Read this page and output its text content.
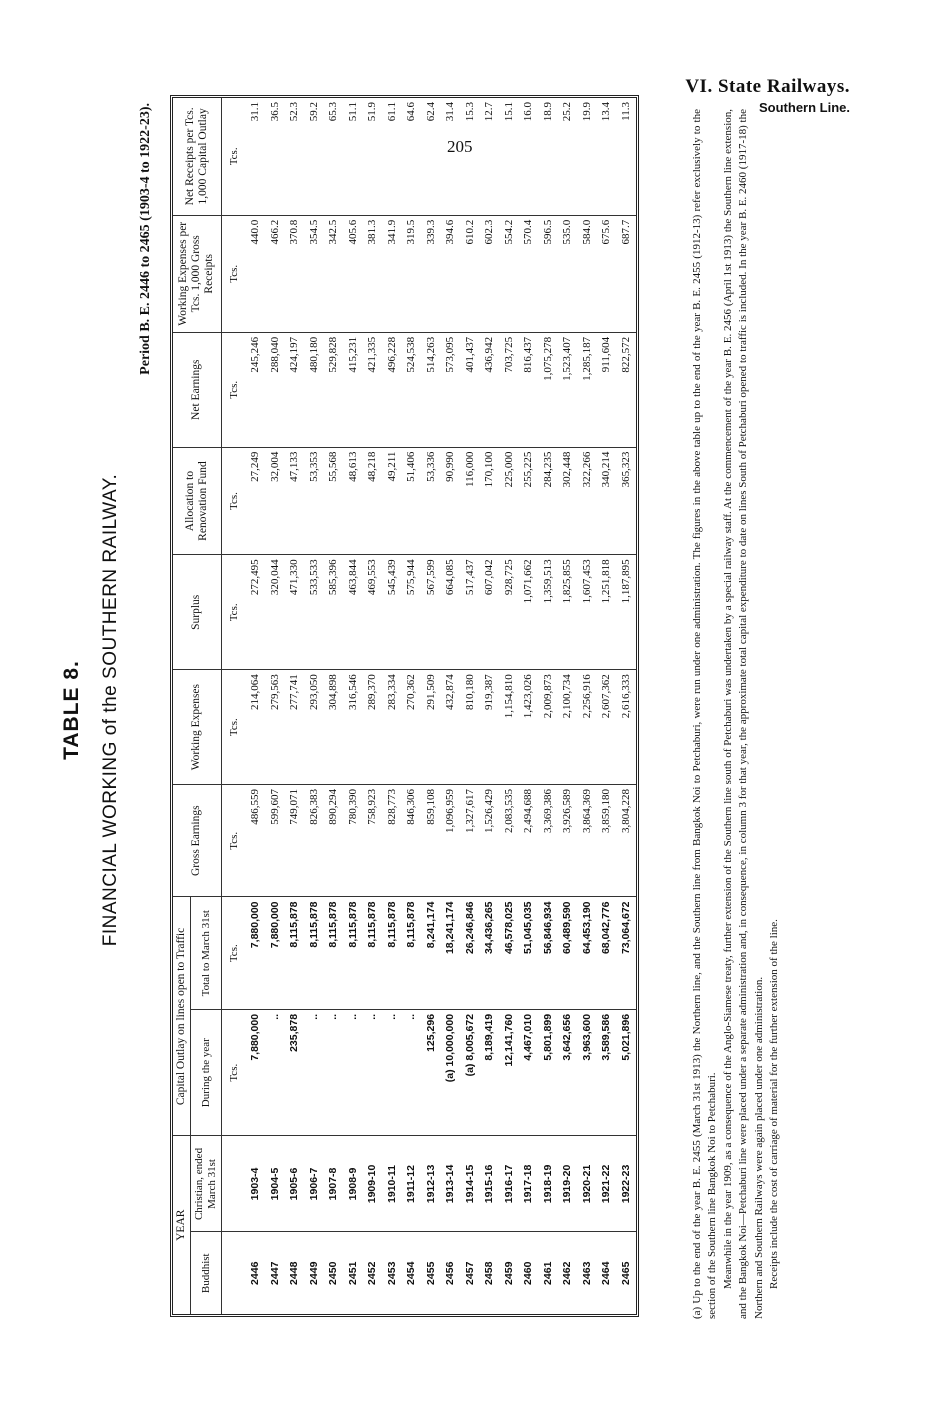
VI. State Railways.
Southern Line.
205
TABLE 8. FINANCIAL WORKING of the SOUTHERN RAILWAY.
Period B. E. 2446 to 2465 (1903-4 to 1922-23).
YEAR		Capital Outlay on lines open to Traffic		Gross Earnings	Working Expenses	Surplus	Allocation to Renovation Fund	Net Earnings	Working Expenses per Tcs. 1,000 Gross Receipts	Net Receipts per Tcs. 1,000 Capital Outlay
Buddhist	Christian, ended March 31st	During the year	Total to March 31st							
		Tcs.	Tcs.	Tcs.	Tcs.	Tcs.	Tcs.	Tcs.	Tcs.	Tcs.
2446	1903-4	7,880,000	7,880,000	486,559	214,064	272,495	27,249	245,246	440.0	31.1
2447	1904-5	..	7,880,000	599,607	279,563	320,044	32,004	288,040	466.2	36.5
2448	1905-6	235,878	8,115,878	749,071	277,741	471,330	47,133	424,197	370.8	52.3
2449	1906-7	..	8,115,878	826,383	293,050	533,533	53,353	480,180	354.5	59.2
2450	1907-8	..	8,115,878	890,294	304,898	585,396	55,568	529,828	342.5	65.3
2451	1908-9	..	8,115,878	780,390	316,546	463,844	48,613	415,231	405.6	51.1
2452	1909-10	..	8,115,878	758,923	289,370	469,553	48,218	421,335	381.3	51.9
2453	1910-11	..	8,115,878	828,773	283,334	545,439	49,211	496,228	341.9	61.1
2454	1911-12	..	8,115,878	846,306	270,362	575,944	51,406	524,538	319.5	64.6
2455	1912-13	125,296	8,241,174	859,108	291,509	567,599	53,336	514,263	339.3	62.4
2456	1913-14	(a) 10,000,000	18,241,174	1,096,959	432,874	664,085	90,990	573,095	394.6	31.4
2457	1914-15	(a) 8,005,672	26,246,846	1,327,617	810,180	517,437	116,000	401,437	610.2	15.3
2458	1915-16	8,189,419	34,436,265	1,526,429	919,387	607,042	170,100	436,942	602.3	12.7
2459	1916-17	12,141,760	46,578,025	2,083,535	1,154,810	928,725	225,000	703,725	554.2	15.1
2460	1917-18	4,467,010	51,045,035	2,494,688	1,423,026	1,071,662	255,225	816,437	570.4	16.0
2461	1918-19	5,801,899	56,846,934	3,369,386	2,009,873	1,359,513	284,235	1,075,278	596.5	18.9
2462	1919-20	3,642,656	60,489,590	3,926,589	2,100,734	1,825,855	302,448	1,523,407	535.0	25.2
2463	1920-21	3,963,600	64,453,190	3,864,369	2,256,916	1,607,453	322,266	1,285,187	584.0	19.9
2464	1921-22	3,589,586	68,042,776	3,859,180	2,607,362	1,251,818	340,214	911,604	675.6	13.4
2465	1922-23	5,021,896	73,064,672	3,804,228	2,616,333	1,187,895	365,323	822,572	687.7	11.3	(a) Up to the end of the year B. E. 2455 (March 31st 1913) the Northern line, and the Southern line from Bangkok Noi to Petchaburi, were run under one administration. The figures in the above table up to the end of the year B. E. 2455 (1912-13) refer exclusively to the section of the Southern line Bangkok Noi to Petchaburi. Meanwhile in the year 1909, as a consequence of the Anglo-Siamese treaty, further extension of the Southern line south of Petchaburi was undertaken by a special railway staff. At the commencement of the year B. E. 2456 (April 1st 1913) the Southern line extension, and the Bangkok Noi—Petchaburi line were placed under a separate administration and, in consequence, in column 3 for that year, the approximate total capital expenditure to date on lines South of Petchaburi opened to traffic is included. In the year B. E. 2460 (1917-18) the Northern and Southern Railways were again placed under one administration. Receipts include the cost of carriage of material for the further extension of the line.
